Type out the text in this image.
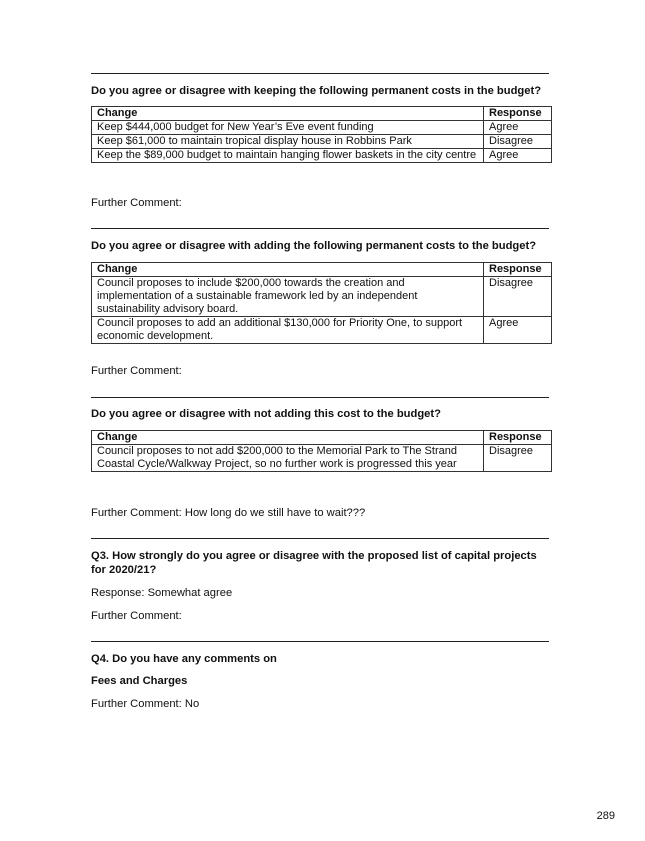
Do you agree or disagree with keeping the following permanent costs in the budget?
Change	Response
Keep $444,000 budget for New Year’s Eve event funding	Agree
Keep $61,000 to maintain tropical display house in Robbins Park	Disagree
Keep the $89,000 budget to maintain hanging flower baskets in the city centre	Agree
Further Comment:
Do you agree or disagree with adding the following permanent costs to the budget?
Change	Response
Council proposes to include $200,000 towards the creation and implementation of a sustainable framework led by an independent sustainability advisory board.	Disagree
Council proposes to add an additional $130,000 for Priority One, to support economic development.	Agree
Further Comment:
Do you agree or disagree with not adding this cost to the budget?
Change	Response
Council proposes to not add $200,000 to the Memorial Park to The Strand Coastal Cycle/Walkway Project, so no further work is progressed this year	Disagree
Further Comment: How long do we still have to wait???
Q3. How strongly do you agree or disagree with the proposed list of capital projects for 2020/21?
Response: Somewhat agree
Further Comment:
Q4. Do you have any comments on
Fees and Charges
Further Comment: No
289
